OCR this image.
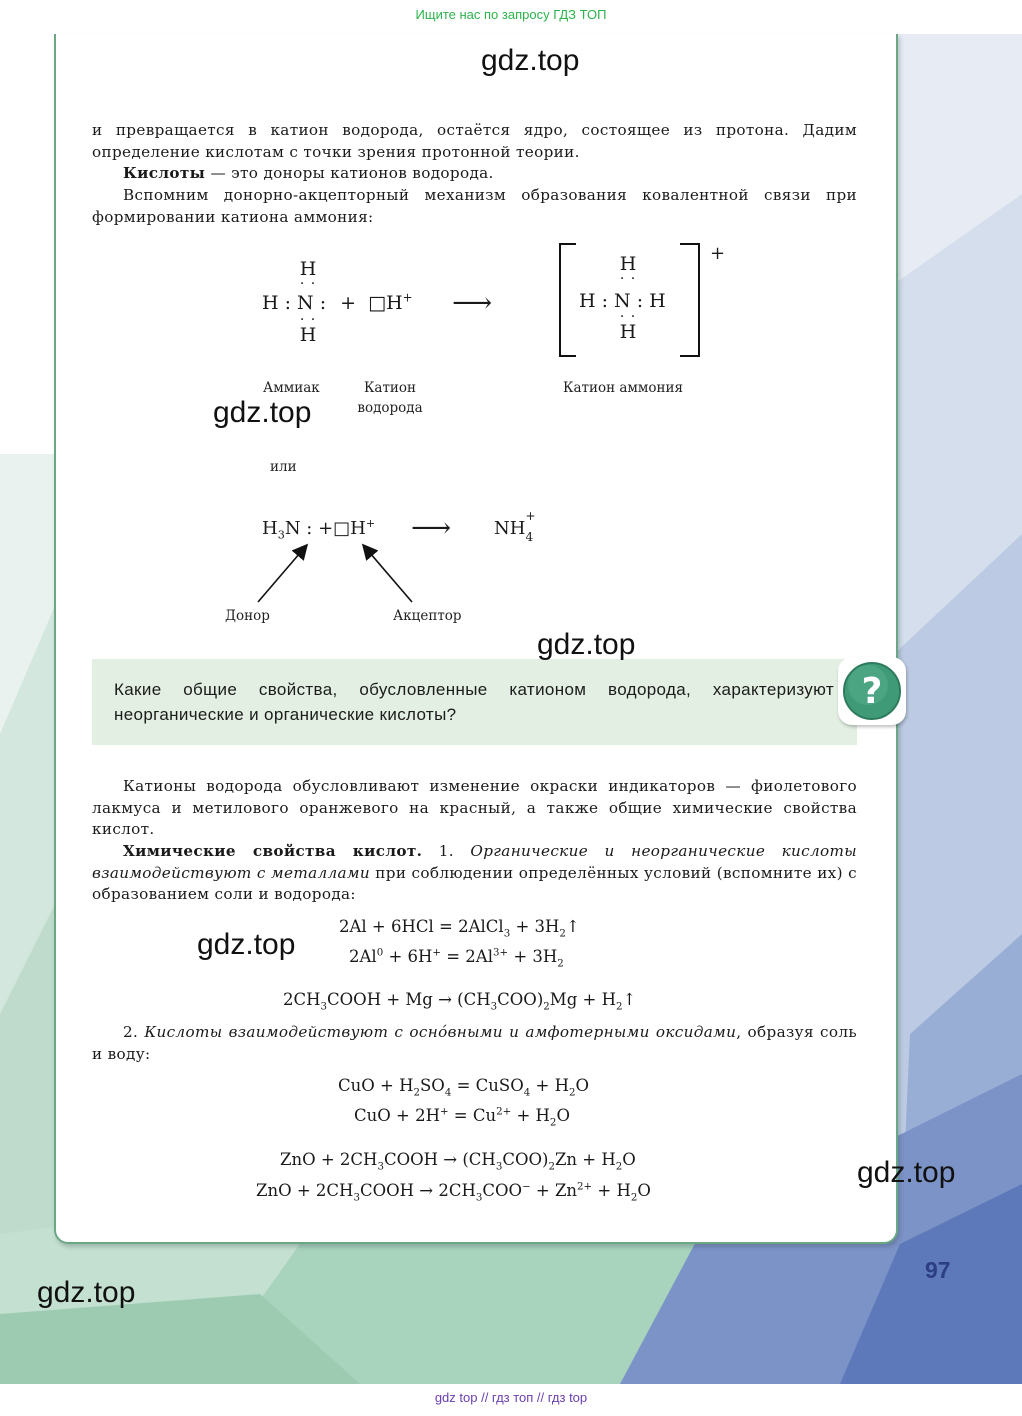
Ищите нас по запросу ГДЗ ТОП
и превращается в катион водорода, остаётся ядро, состоящее из протона. Дадим определение кислотам с точки зрения протонной теории.
Кислоты — это доноры катионов водорода.
Вспомним донорно-акцепторный механизм образования ковалентной связи при формировании катиона аммония:
H
· ·
H : N : + □H+
· ·
H
⟶
+
H
· ·
H : N : H
· ·
H
Аммиак	Катион
водорода
Катион аммония
или
$H_3N$ : +□H+ ⟶ NH
+
4
Донор	Акцептор
Какие общие свойства, обусловленные катионом водорода, характеризуют неорганические и органические кислоты?
?
Катионы водорода обусловливают изменение окраски индикаторов — фиолетового лакмуса и метилового оранжевого на красный, а также общие химические свойства кислот.
Химические свойства кислот. 1. Органические и неорганические кислоты взаимодействуют с металлами при соблюдении определённых условий (вспомните их) с образованием соли и водорода:
2Al + 6HCl = 2AlCl$_3$ + $3H_2↑$
$2Al^0 + 6H^+ = 2Al^{3+} + 3H_2$
$2CH_3COOH + Mg \to (CH_3COO)_2Mg$ + $H_2↑$
2. Кислоты взаимодействуют с осно́вными и амфотерными оксидами, образуя соль и воду:
CuO + $H_2SO_4$ = CuSO$_4$ + $H_2O$
CuO + $2H^+ = Cu^{2+} + H_2O$
ZnO + $2CH_3COOH \to (CH_3COO)_2Zn + H_2O$
ZnO + $2CH_3COOH \to 2CH_3COO^- + Zn^{2+} + H_2O$
gdz.top
gdz.top
gdz.top
gdz.top
gdz.top
gdz.top
97
gdz top // гдз топ // гдз top
